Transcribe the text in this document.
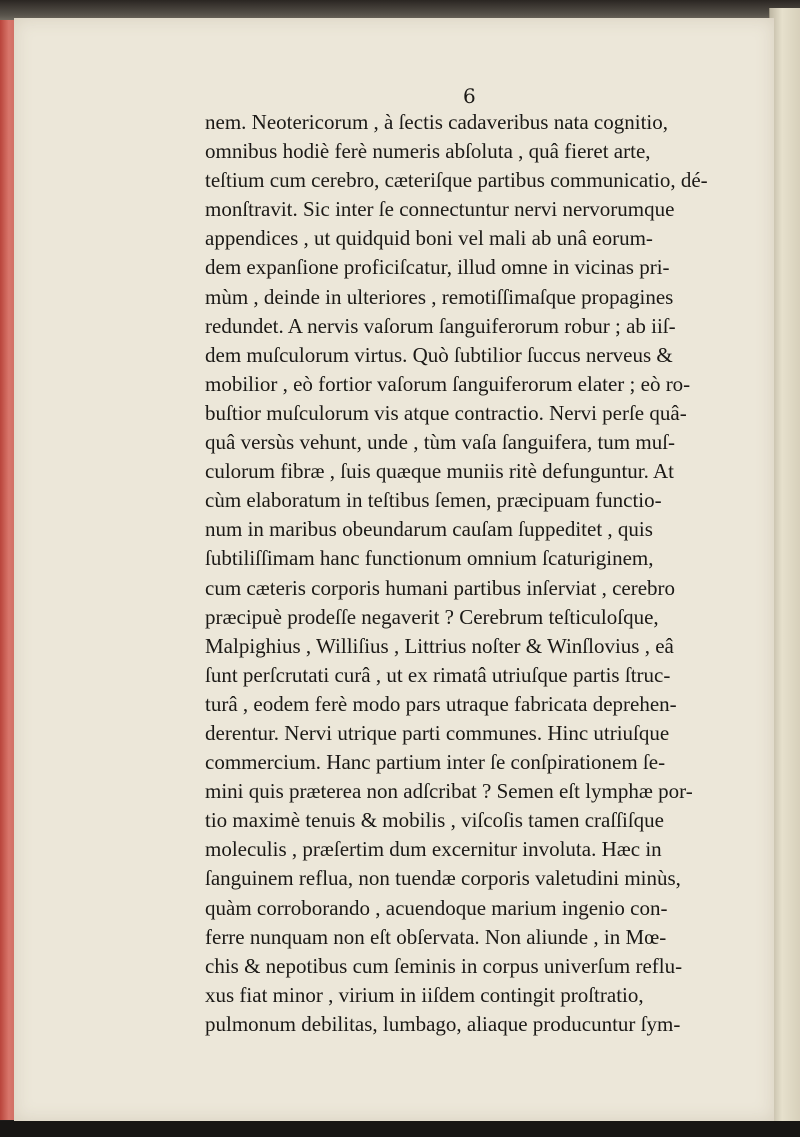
6
nem. Neotericorum , à ſectis cadaveribus nata cognitio,
omnibus hodiè ferè numeris abſoluta , quâ fieret arte,
teſtium cum cerebro, cæteriſque partibus communicatio, dé-
monſtravit. Sic inter ſe connectuntur nervi nervorumque
appendices , ut quidquid boni vel mali ab unâ eorum-
dem expanſione proficiſcatur, illud omne in vicinas pri-
mùm , deinde in ulteriores , remotiſſimaſque propagines
redundet. A nervis vaſorum ſanguiferorum robur ; ab iiſ-
dem muſculorum virtus. Quò ſubtilior ſuccus nerveus &
mobilior , eò fortior vaſorum ſanguiferorum elater ; eò ro-
buſtior muſculorum vis atque contractio. Nervi perſe quâ-
quâ versùs vehunt, unde , tùm vaſa ſanguifera, tum muſ-
culorum fibræ , ſuis quæque muniis ritè defunguntur. At
cùm elaboratum in teſtibus ſemen, præcipuam functio-
num in maribus obeundarum cauſam ſuppeditet , quis
ſubtiliſſimam hanc functionum omnium ſcaturiginem,
cum cæteris corporis humani partibus inſerviat , cerebro
præcipuè prodeſſe negaverit ? Cerebrum teſticuloſque,
Malpighius , Williſius , Littrius noſter & Winſlovius , eâ
ſunt perſcrutati curâ , ut ex rimatâ utriuſque partis ſtruc-
turâ , eodem ferè modo pars utraque fabricata deprehen-
derentur. Nervi utrique parti communes. Hinc utriuſque
commercium. Hanc partium inter ſe conſpirationem ſe-
mini quis præterea non adſcribat ? Semen eſt lymphæ por-
tio maximè tenuis & mobilis , viſcoſis tamen craſſiſque
moleculis , præſertim dum excernitur involuta. Hæc in
ſanguinem reflua, non tuendæ corporis valetudini minùs,
quàm corroborando , acuendoque marium ingenio con-
ferre nunquam non eſt obſervata. Non aliunde , in Mœ-
chis & nepotibus cum ſeminis in corpus univerſum reflu-
xus fiat minor , virium in iiſdem contingit proſtratio,
pulmonum debilitas, lumbago, aliaque producuntur ſym-
